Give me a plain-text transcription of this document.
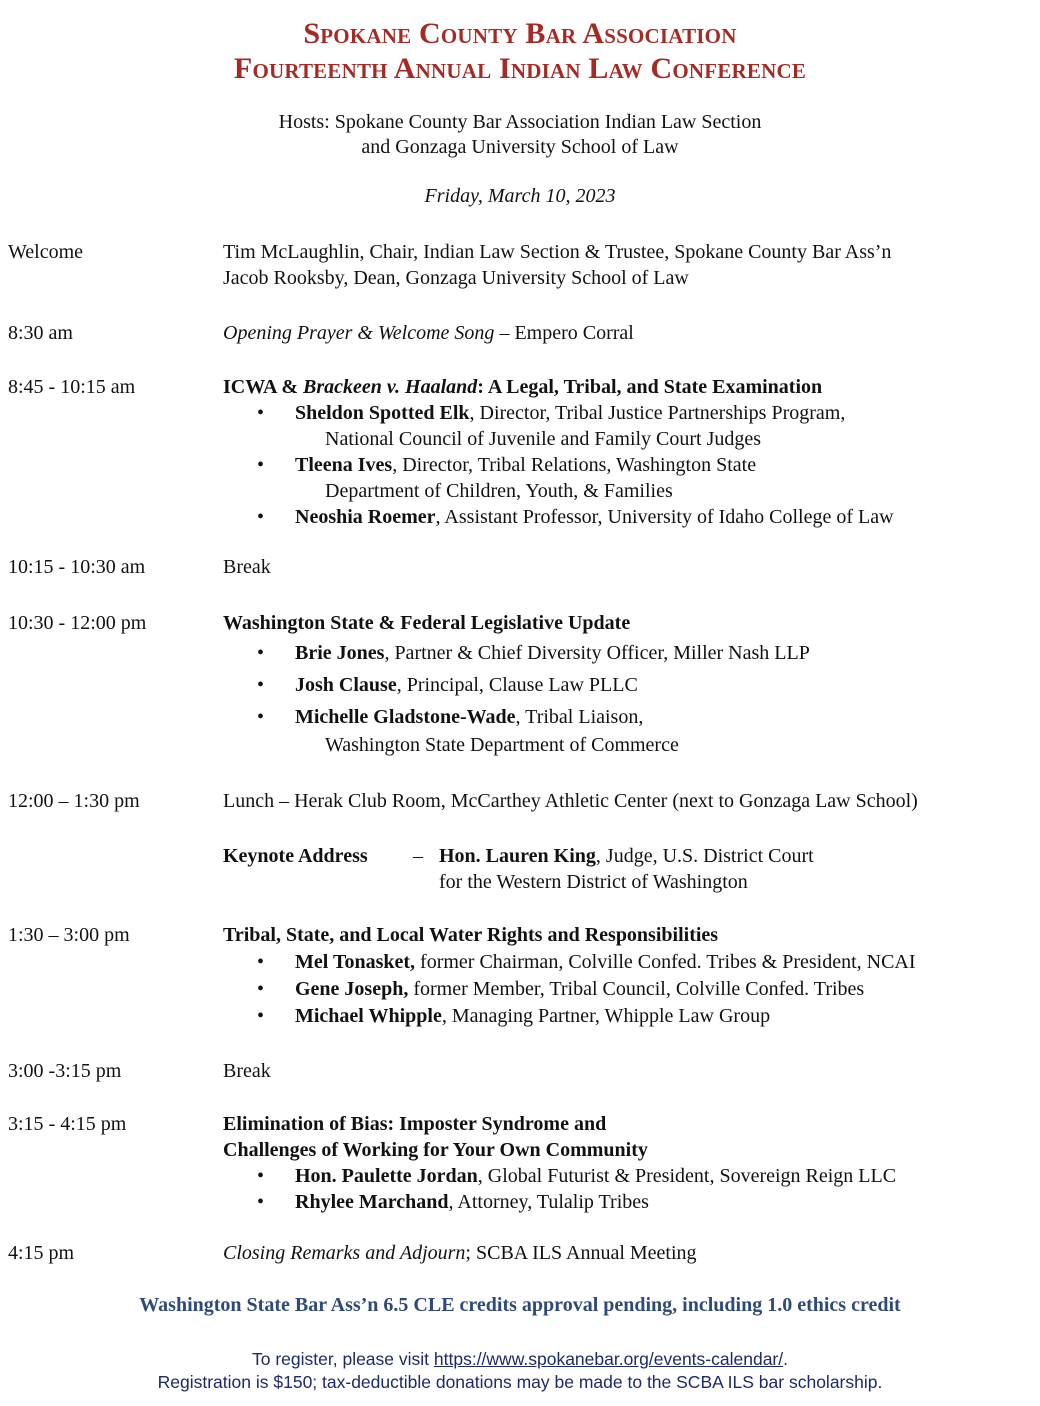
Spokane County Bar Association
Fourteenth Annual Indian Law Conference
Hosts: Spokane County Bar Association Indian Law Section
and Gonzaga University School of Law
Friday, March 10, 2023
Welcome	Tim McLaughlin, Chair, Indian Law Section & Trustee, Spokane County Bar Ass’n
Jacob Rooksby, Dean, Gonzaga University School of Law
8:30 am	Opening Prayer & Welcome Song – Empero Corral
8:45 - 10:15 am	ICWA & Brackeen v. Haaland: A Legal, Tribal, and State Examination
• Sheldon Spotted Elk, Director, Tribal Justice Partnerships Program,
National Council of Juvenile and Family Court Judges
• Tleena Ives, Director, Tribal Relations, Washington State
Department of Children, Youth, & Families
• Neoshia Roemer, Assistant Professor, University of Idaho College of Law
10:15 - 10:30 am	Break
10:30 - 12:00 pm	Washington State & Federal Legislative Update
• Brie Jones, Partner & Chief Diversity Officer, Miller Nash LLP
• Josh Clause, Principal, Clause Law PLLC
• Michelle Gladstone-Wade, Tribal Liaison,
Washington State Department of Commerce
12:00 – 1:30 pm	Lunch – Herak Club Room, McCarthey Athletic Center (next to Gonzaga Law School)
Keynote Address – Hon. Lauren King, Judge, U.S. District Court
for the Western District of Washington
1:30 – 3:00 pm	Tribal, State, and Local Water Rights and Responsibilities
• Mel Tonasket, former Chairman, Colville Confed. Tribes & President, NCAI
• Gene Joseph, former Member, Tribal Council, Colville Confed. Tribes
• Michael Whipple, Managing Partner, Whipple Law Group
3:00 -3:15 pm	Break
3:15 - 4:15 pm	Elimination of Bias: Imposter Syndrome and
Challenges of Working for Your Own Community
• Hon. Paulette Jordan, Global Futurist & President, Sovereign Reign LLC
• Rhylee Marchand, Attorney, Tulalip Tribes
4:15 pm	Closing Remarks and Adjourn; SCBA ILS Annual Meeting
Washington State Bar Ass’n 6.5 CLE credits approval pending, including 1.0 ethics credit
To register, please visit https://www.spokanebar.org/events-calendar/.
Registration is $150; tax-deductible donations may be made to the SCBA ILS bar scholarship.
